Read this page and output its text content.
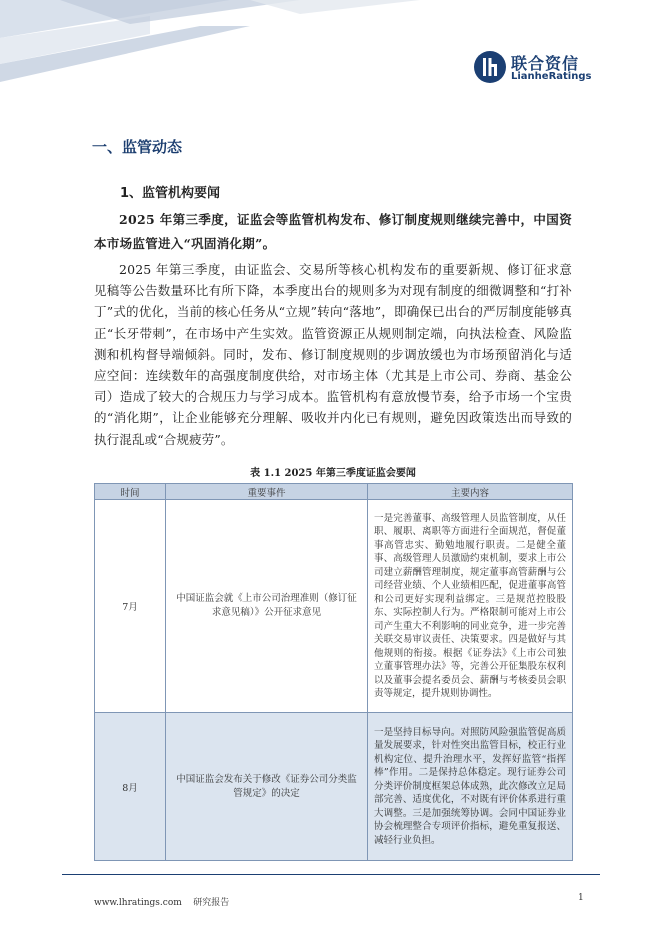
联合资信
LianheRatings
一、监管动态
1、监管机构要闻

2025 年第三季度，证监会等监管机构发布、修订制度规则继续完善中，中国资本市场监管进入“巩固消化期”。

2025 年第三季度，由证监会、交易所等核心机构发布的重要新规、修订征求意见稿等公告数量环比有所下降，本季度出台的规则多为对现有制度的细微调整和“打补丁”式的优化，当前的核心任务从“立规”转向“落地”，即确保已出台的严厉制度能够真正“长牙带刺”，在市场中产生实效。监管资源正从规则制定端，向执法检查、风险监测和机构督导端倾斜。同时，发布、修订制度规则的步调放缓也为市场预留消化与适应空间：连续数年的高强度制度供给，对市场主体（尤其是上市公司、券商、基金公司）造成了较大的合规压力与学习成本。监管机构有意放慢节奏，给予市场一个宝贵的“消化期”，让企业能够充分理解、吸收并内化已有规则，避免因政策迭出而导致的执行混乱或“合规疲劳”。

表 1.1 2025 年第三季度证监会要闻
时间	重要事件	主要内容
7月	中国证监会就《上市公司治理准则（修订征求意见稿）》公开征求意见	一是完善董事、高级管理人员监管制度，从任职、履职、离职等方面进行全面规范，督促董事高管忠实、勤勉地履行职责。二是健全董事、高级管理人员激励约束机制，要求上市公司建立薪酬管理制度，规定董事高管薪酬与公司经营业绩、个人业绩相匹配，促进董事高管和公司更好实现利益绑定。三是规范控股股东、实际控制人行为。严格限制可能对上市公司产生重大不利影响的同业竞争，进一步完善关联交易审议责任、决策要求。四是做好与其他规则的衔接。根据《证券法》《上市公司独立董事管理办法》等，完善公开征集股东权利以及董事会提名委员会、薪酬与考核委员会职责等规定，提升规则协调性。
8月	中国证监会发布关于修改《证券公司分类监管规定》的决定	一是坚持目标导向。对照防风险强监管促高质量发展要求，针对性突出监管目标，校正行业机构定位、提升治理水平，发挥好监管“指挥棒”作用。二是保持总体稳定。现行证券公司分类评价制度框架总体成熟，此次修改立足局部完善、适度优化，不对既有评价体系进行重大调整。三是加强统筹协调。会同中国证券业协会梳理整合专项评价指标，避免重复报送、减轻行业负担。
www.lhratings.com 研究报告	1
